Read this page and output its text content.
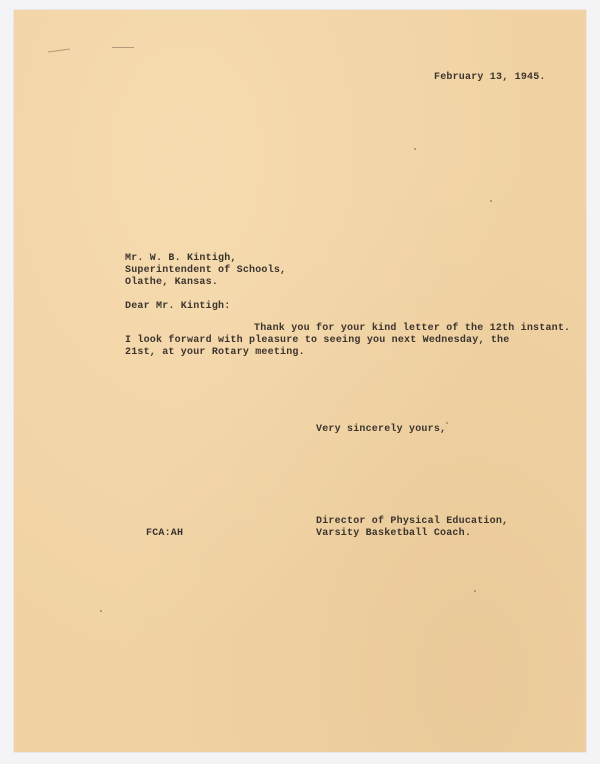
February 13, 1945.
Mr. W. B. Kintigh,
Superintendent of Schools,
Olathe, Kansas.
Dear Mr. Kintigh:
Thank you for your kind letter of the 12th instant.
I look forward with pleasure to seeing you next Wednesday, the
21st, at your Rotary meeting.
Very sincerely yours,
Director of Physical Education,
Varsity Basketball Coach.
FCA:AH
